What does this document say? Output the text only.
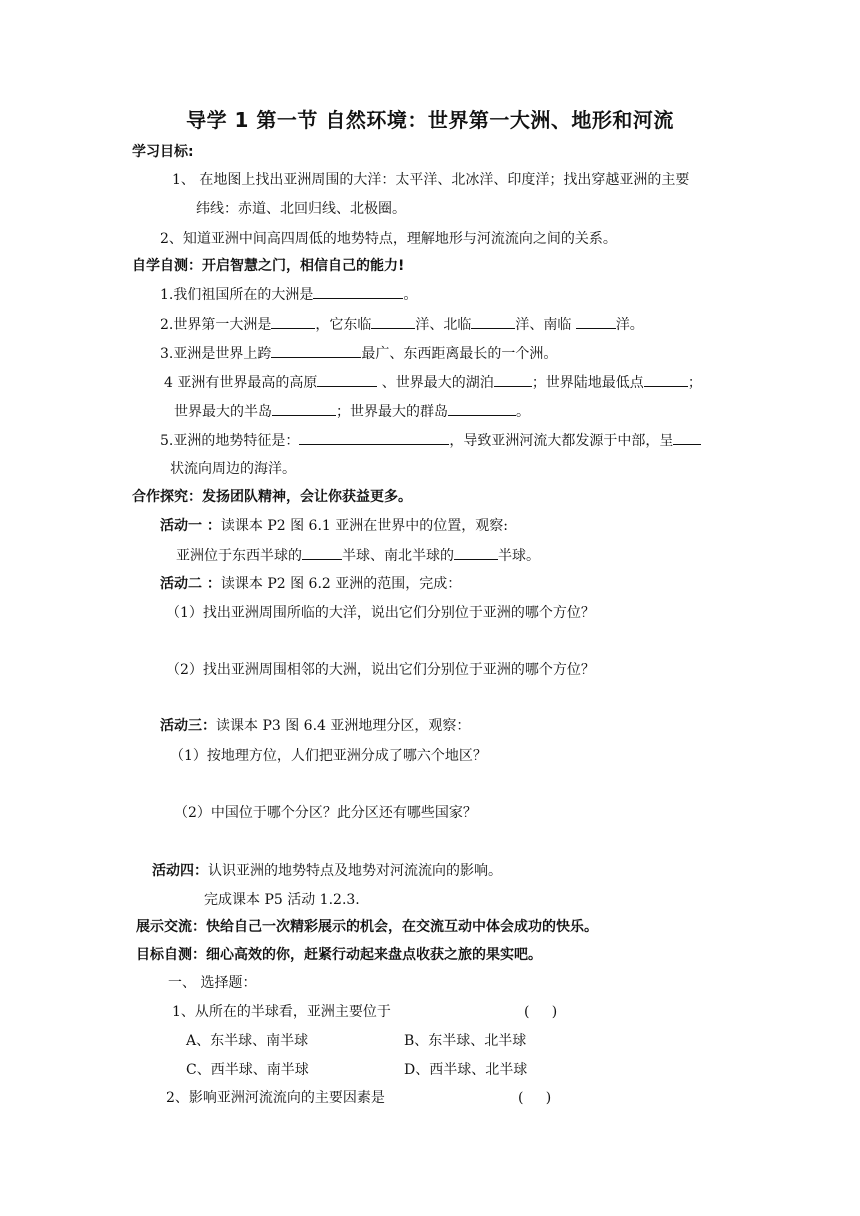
导学 1 第一节 自然环境：世界第一大洲、地形和河流
学习目标:
1、 在地图上找出亚洲周围的大洋：太平洋、北冰洋、印度洋；找出穿越亚洲的主要
纬线：赤道、北回归线、北极圈。
2、知道亚洲中间高四周低的地势特点，理解地形与河流流向之间的关系。
自学自测：开启智慧之门，相信自己的能力!
1.我们祖国所在的大洲是	。
2.世界第一大洲是	，它东临	洋、北临	洋、南临	洋。
3.亚洲是世界上跨	最广、东西距离最长的一个洲。
4 亚洲有世界最高的高原	、世界最大的湖泊	；世界陆地最低点	；
世界最大的半岛	；世界最大的群岛	。
5.亚洲的地势特征是：	，导致亚洲河流大都发源于中部，呈
状流向周边的海洋。
合作探究：发扬团队精神，会让你获益更多。
活动一 ：读课本 P2 图 6.1 亚洲在世界中的位置，观察:
亚洲位于东西半球的	半球、南北半球的	半球。
活动二 ：读课本 P2 图 6.2 亚洲的范围，完成：
（1）找出亚洲周围所临的大洋，说出它们分别位于亚洲的哪个方位？
（2）找出亚洲周围相邻的大洲，说出它们分别位于亚洲的哪个方位？
活动三：读课本 P3 图 6.4 亚洲地理分区，观察：
（1）按地理方位，人们把亚洲分成了哪六个地区？
（2）中国位于哪个分区？此分区还有哪些国家？
活动四：认识亚洲的地势特点及地势对河流流向的影响。
完成课本 P5 活动 1.2.3.
展示交流：快给自己一次精彩展示的机会，在交流互动中体会成功的快乐。
目标自测：细心高效的你，赶紧行动起来盘点收获之旅的果实吧。
一、 选择题：
1、从所在的半球看，亚洲主要位于	(     )
A、东半球、南半球	B、东半球、北半球
C、西半球、南半球	D、西半球、北半球
2、影响亚洲河流流向的主要因素是	(     )
